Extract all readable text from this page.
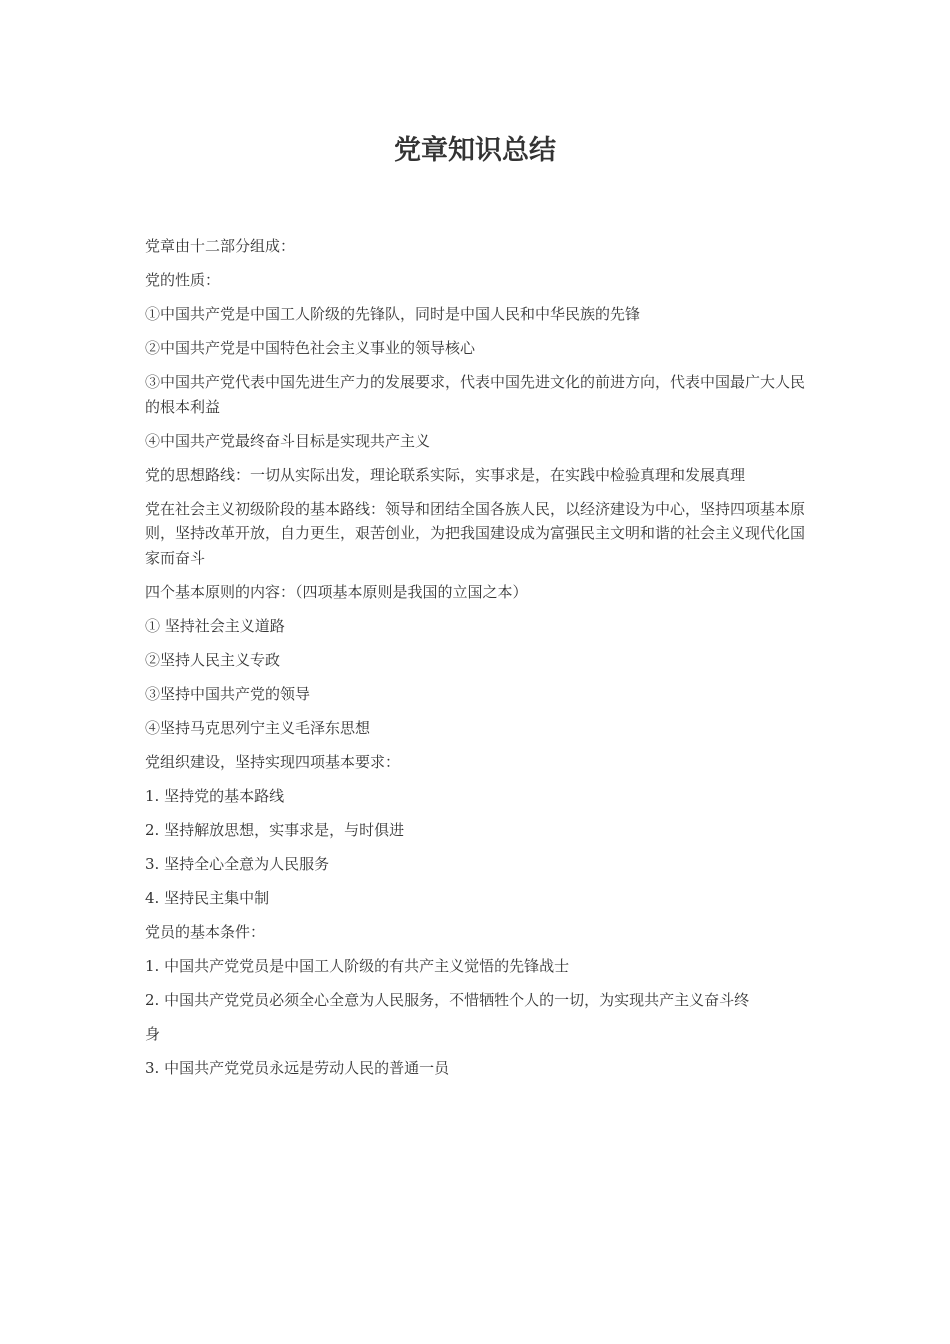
党章知识总结

党章由十二部分组成：

党的性质：

①中国共产党是中国工人阶级的先锋队，同时是中国人民和中华民族的先锋

②中国共产党是中国特色社会主义事业的领导核心

③中国共产党代表中国先进生产力的发展要求，代表中国先进文化的前进方向，代表中国最广大人民的根本利益

④中国共产党最终奋斗目标是实现共产主义

党的思想路线：一切从实际出发，理论联系实际，实事求是，在实践中检验真理和发展真理

党在社会主义初级阶段的基本路线：领导和团结全国各族人民，以经济建设为中心，坚持四项基本原则，坚持改革开放，自力更生，艰苦创业，为把我国建设成为富强民主文明和谐的社会主义现代化国家而奋斗

四个基本原则的内容：（四项基本原则是我国的立国之本）

① 坚持社会主义道路

②坚持人民主义专政

③坚持中国共产党的领导

④坚持马克思列宁主义毛泽东思想

党组织建设，坚持实现四项基本要求：

1. 坚持党的基本路线

2. 坚持解放思想，实事求是，与时俱进

3. 坚持全心全意为人民服务

4. 坚持民主集中制

党员的基本条件：

1. 中国共产党党员是中国工人阶级的有共产主义觉悟的先锋战士

2. 中国共产党党员必须全心全意为人民服务，不惜牺牲个人的一切，为实现共产主义奋斗终

身

3. 中国共产党党员永远是劳动人民的普通一员
